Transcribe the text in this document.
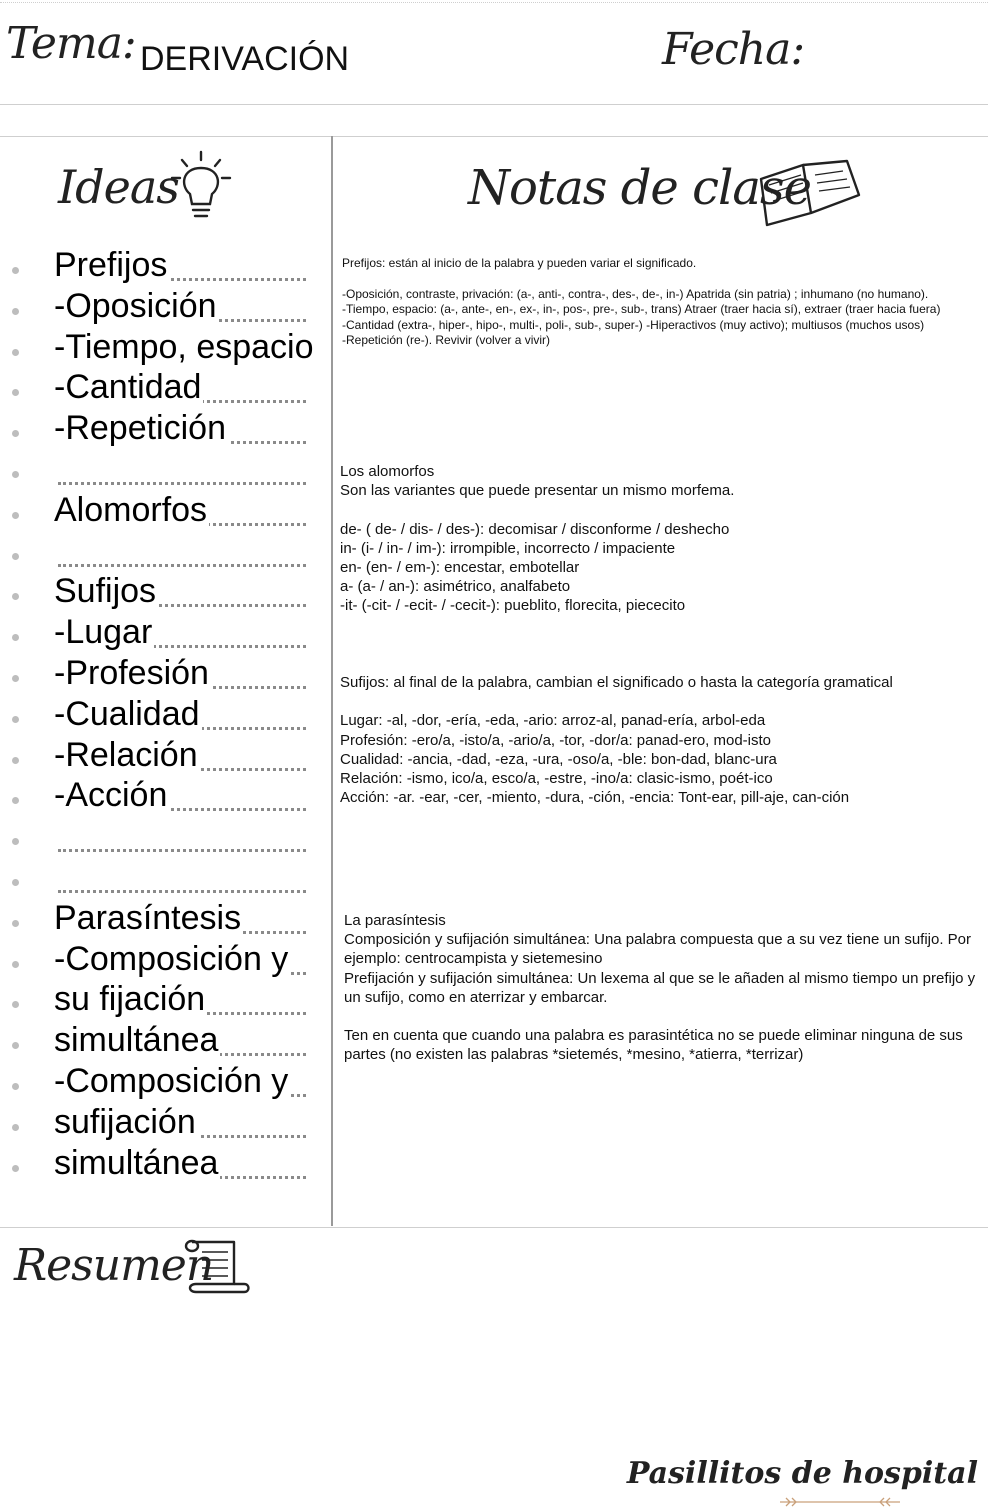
Tema: DERIVACIÓN	Fecha:
Ideas	Notas de clase
Prefijos
-Oposición
-Tiempo, espacio
-Cantidad
-Repetición
Alomorfos
Sufijos
-Lugar
-Profesión
-Cualidad
-Relación
-Acción
Parasíntesis
-Composición y
su fijación
simultánea
-Composición y
sufijación
simultánea
Prefijos: están al inicio de la palabra y pueden variar el significado.

-Oposición, contraste, privación: (a-, anti-, contra-, des-, de-, in-) Apatrida (sin patria) ; inhumano (no humano).
-Tiempo, espacio: (a-, ante-, en-, ex-, in-, pos-, pre-, sub-, trans) Atraer (traer hacia sí), extraer (traer hacia fuera)
-Cantidad (extra-, hiper-, hipo-, multi-, poli-, sub-, super-) -Hiperactivos (muy activo); multiusos (muchos usos)
-Repetición (re-). Revivir (volver a vivir)
Los alomorfos
Son las variantes que puede presentar un mismo morfema.

de- ( de- / dis- / des-): decomisar / disconforme / deshecho
in- (i- / in- / im-): irrompible, incorrecto / impaciente
en- (en- / em-): encestar, embotellar
a- (a- / an-): asimétrico, analfabeto
-it- (-cit- / -ecit- / -cecit-): pueblito, florecita, piececito
Sufijos: al final de la palabra, cambian el significado o hasta la categoría gramatical

Lugar: -al, -dor, -ería, -eda, -ario: arroz-al, panad-ería, arbol-eda
Profesión: -ero/a, -isto/a, -ario/a, -tor, -dor/a: panad-ero, mod-isto
Cualidad: -ancia, -dad, -eza, -ura, -oso/a, -ble: bon-dad, blanc-ura
Relación: -ismo, ico/a, esco/a, -estre, -ino/a: clasic-ismo, poét-ico
Acción: -ar. -ear, -cer, -miento, -dura, -ción, -encia: Tont-ear, pill-aje, can-ción
La parasíntesis
Composición y sufijación simultánea: Una palabra compuesta que a su vez tiene un sufijo. Por ejemplo: centrocampista y sietemesino
Prefijación y sufijación simultánea: Un lexema al que se le añaden al mismo tiempo un prefijo y un sufijo, como en aterrizar y embarcar.

Ten en cuenta que cuando una palabra es parasintética no se puede eliminar ninguna de sus partes (no existen las palabras *sietemés, *mesino, *atierra, *terrizar)
Resumen
Pasillitos de hospital
